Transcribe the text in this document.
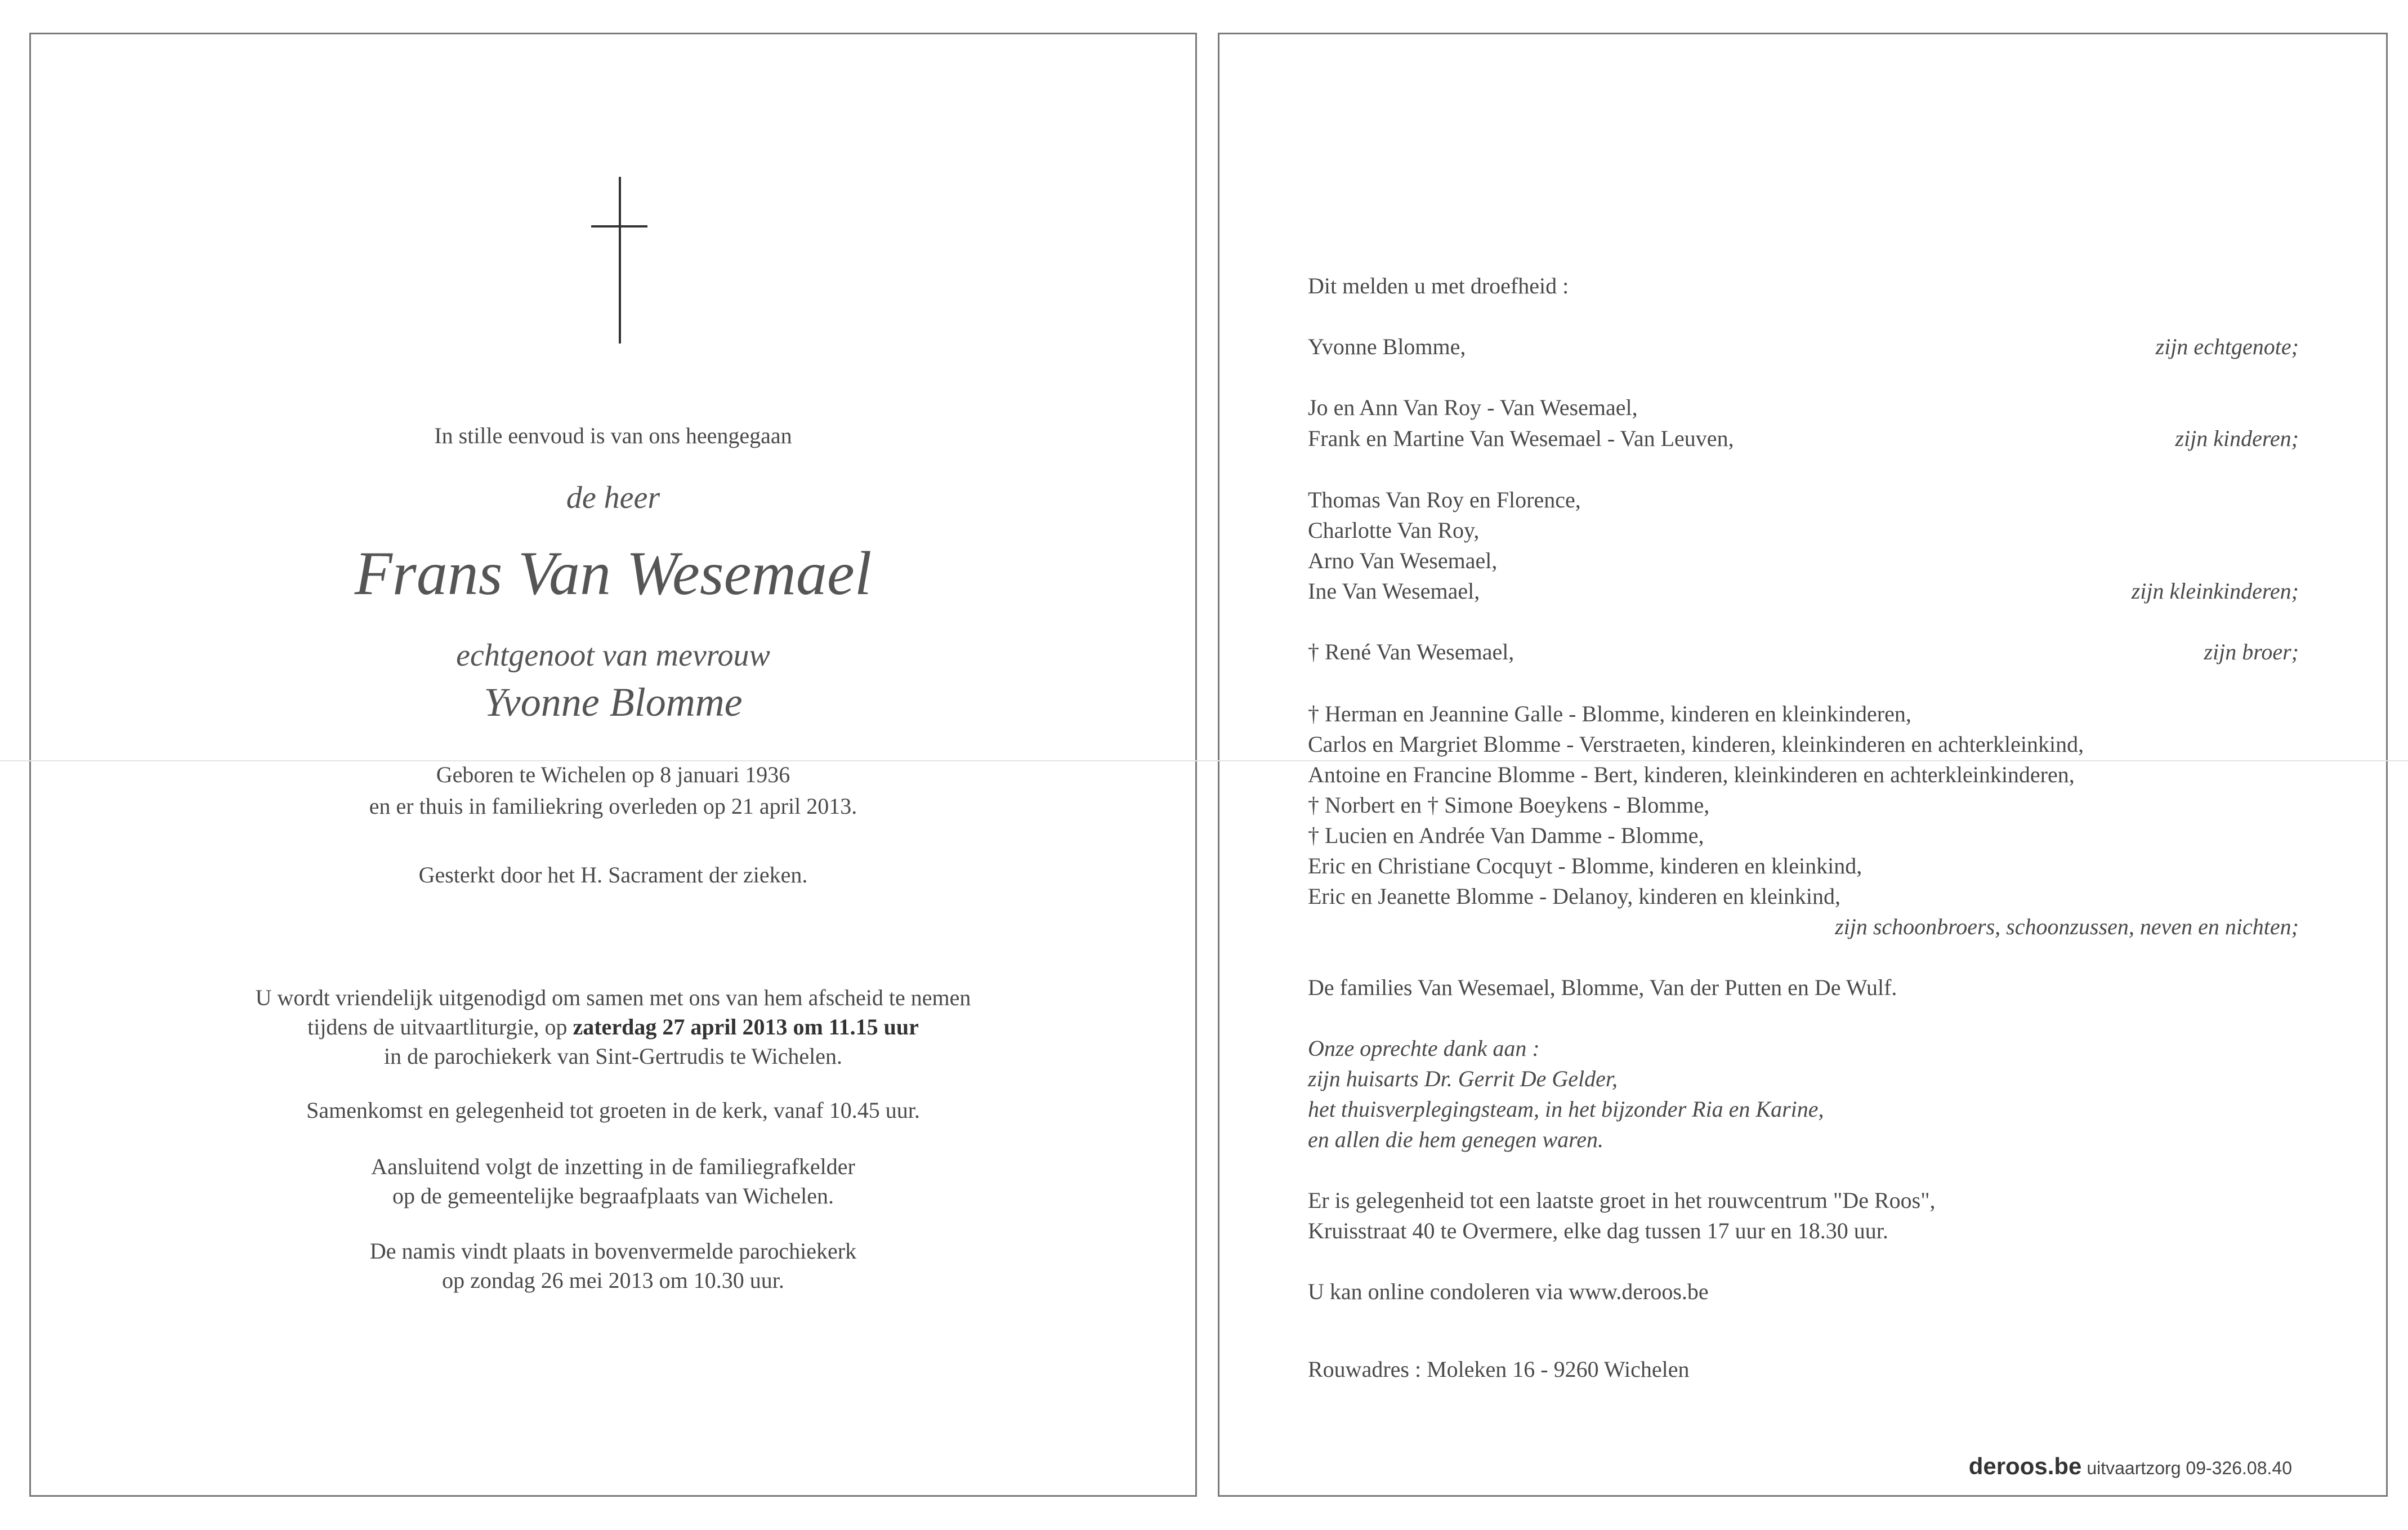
In stille eenvoud is van ons heengegaan
de heer
Frans Van Wesemael
echtgenoot van mevrouw
Yvonne Blomme
Geboren te Wichelen op 8 januari 1936
en er thuis in familiekring overleden op 21 april 2013.
Gesterkt door het H. Sacrament der zieken.
U wordt vriendelijk uitgenodigd om samen met ons van hem afscheid te nemen
tijdens de uitvaartliturgie, op zaterdag 27 april 2013 om 11.15 uur
in de parochiekerk van Sint-Gertrudis te Wichelen.
Samenkomst en gelegenheid tot groeten in de kerk, vanaf 10.45 uur.
Aansluitend volgt de inzetting in de familiegrafkelder
op de gemeentelijke begraafplaats van Wichelen.
De namis vindt plaats in bovenvermelde parochiekerk
op zondag 26 mei 2013 om 10.30 uur.
Dit melden u met droefheid :
Yvonne Blomme,	zijn echtgenote;
Jo en Ann Van Roy - Van Wesemael,
Frank en Martine Van Wesemael - Van Leuven,	zijn kinderen;
Thomas Van Roy en Florence,
Charlotte Van Roy,
Arno Van Wesemael,
Ine Van Wesemael,	zijn kleinkinderen;
† René Van Wesemael,	zijn broer;
† Herman en Jeannine Galle - Blomme, kinderen en kleinkinderen,
Carlos en Margriet Blomme - Verstraeten, kinderen, kleinkinderen en achterkleinkind,
Antoine en Francine Blomme - Bert, kinderen, kleinkinderen en achterkleinkinderen,
† Norbert en † Simone Boeykens - Blomme,
† Lucien en Andrée Van Damme - Blomme,
Eric en Christiane Cocquyt - Blomme, kinderen en kleinkind,
Eric en Jeanette Blomme - Delanoy, kinderen en kleinkind,
zijn schoonbroers, schoonzussen, neven en nichten;
De families Van Wesemael, Blomme, Van der Putten en De Wulf.
Onze oprechte dank aan :
zijn huisarts Dr. Gerrit De Gelder,
het thuisverplegingsteam, in het bijzonder Ria en Karine,
en allen die hem genegen waren.
Er is gelegenheid tot een laatste groet in het rouwcentrum "De Roos",
Kruisstraat 40 te Overmere, elke dag tussen 17 uur en 18.30 uur.
U kan online condoleren via www.deroos.be
Rouwadres : Moleken 16 - 9260 Wichelen
deroos.be uitvaartzorg 09-326.08.40
